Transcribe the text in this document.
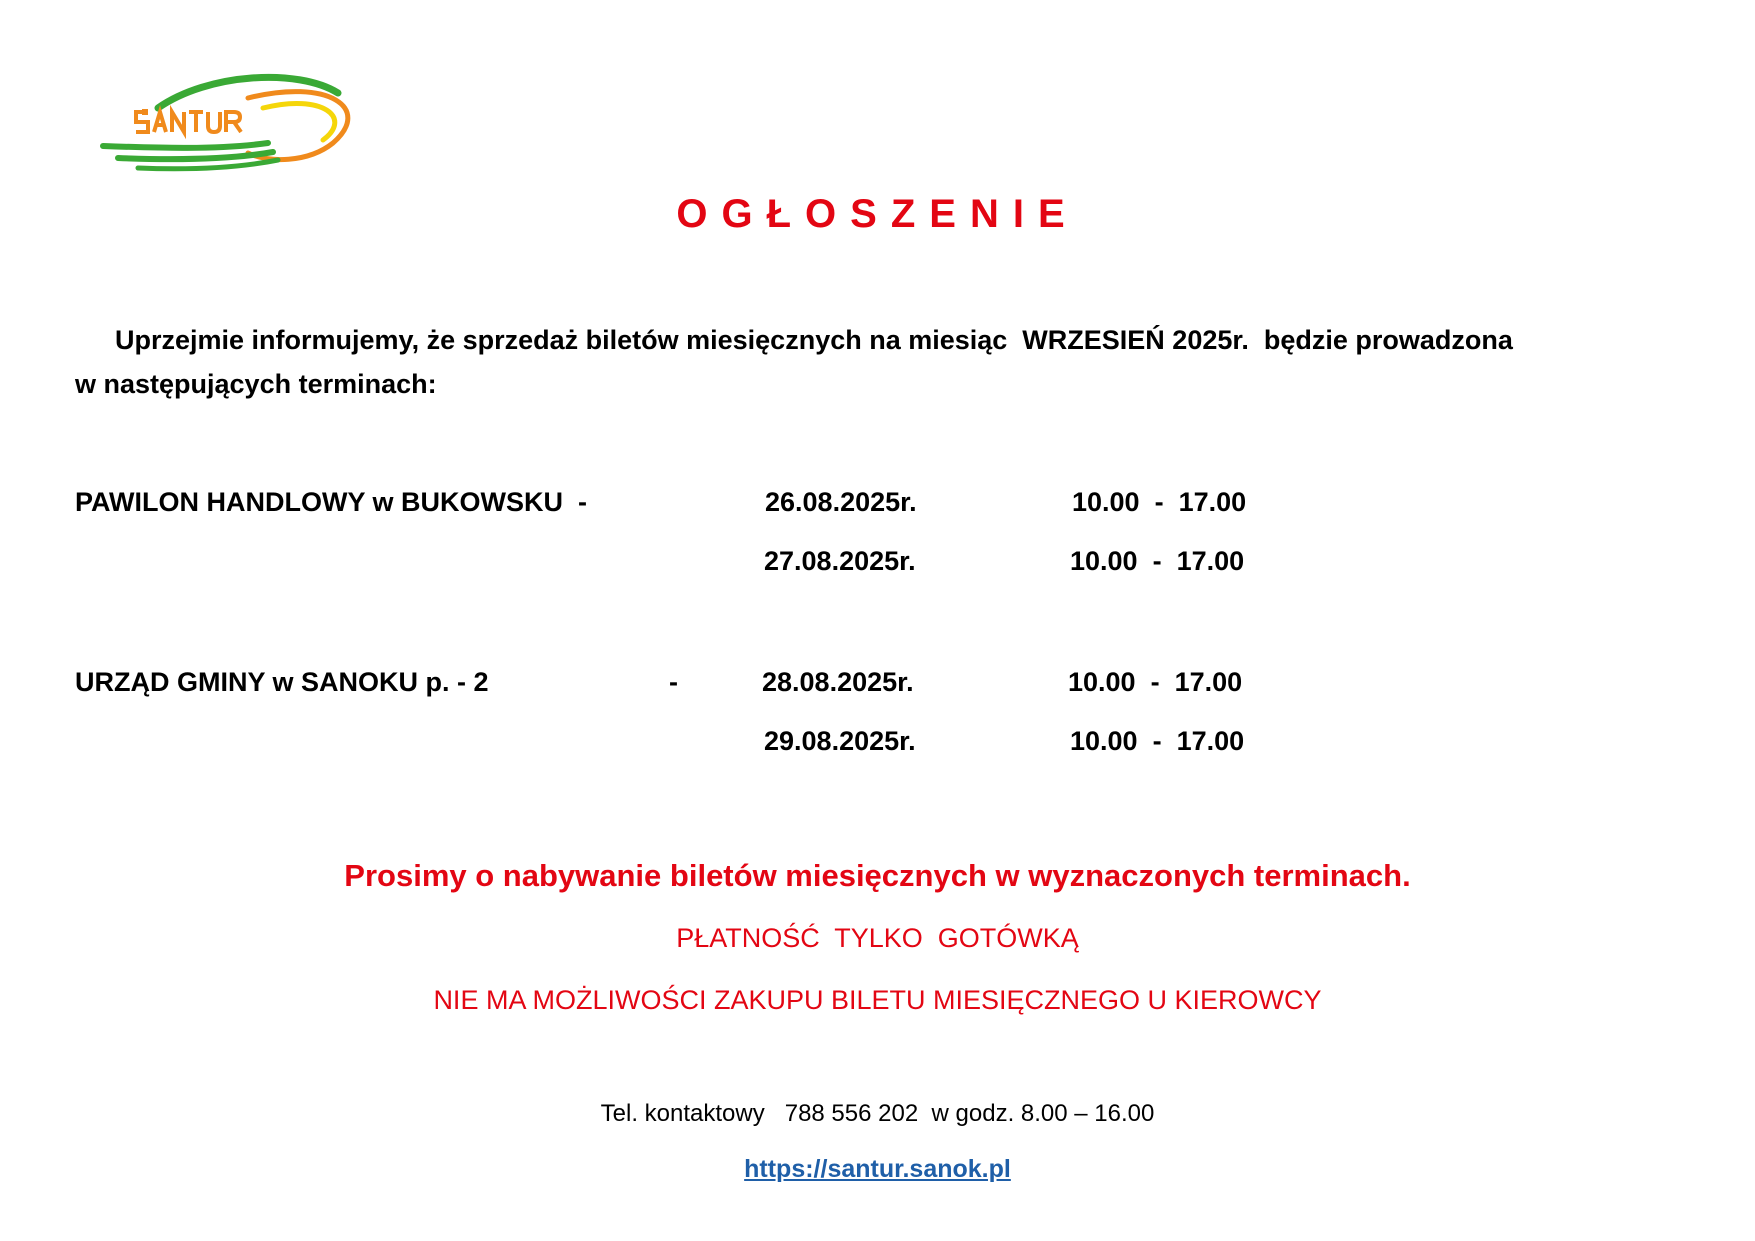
OGŁOSZENIE
Uprzejmie informujemy, że sprzedaż biletów miesięcznych na miesiąc  WRZESIEŃ 2025r.  będzie prowadzona
w następujących terminach:
PAWILON HANDLOWY w BUKOWSKU  -	26.08.2025r.	10.00  -  17.00
27.08.2025r.	10.00  -  17.00
URZĄD GMINY w SANOKU p. - 2	-	28.08.2025r.	10.00  -  17.00
29.08.2025r.	10.00  -  17.00
Prosimy o nabywanie biletów miesięcznych w wyznaczonych terminach.
PŁATNOŚĆ  TYLKO  GOTÓWKĄ
NIE MA MOŻLIWOŚCI ZAKUPU BILETU MIESIĘCZNEGO U KIEROWCY
Tel. kontaktowy   788 556 202  w godz. 8.00 – 16.00
https://santur.sanok.pl
